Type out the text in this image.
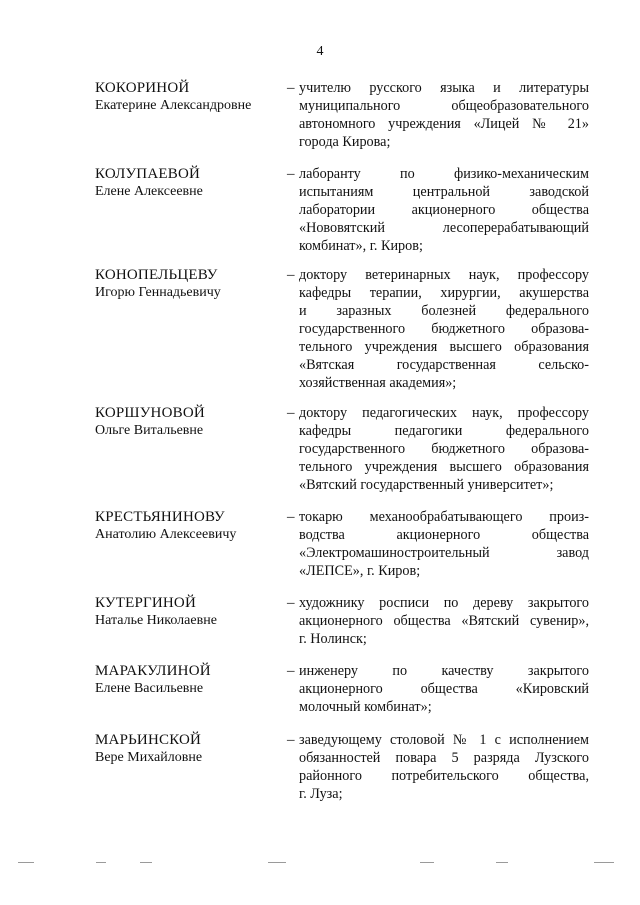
4
КОКОРИНОЙ
Екатерине Александровне
– учителю русского языка и литературы
муниципального общеобразовательного
автономного учреждения «Лицей № 21»
города Кирова;
КОЛУПАЕВОЙ
Елене Алексеевне
– лаборанту по физико-механическим
испытаниям центральной заводской
лаборатории акционерного общества
«Нововятский лесоперерабатывающий
комбинат», г. Киров;
КОНОПЕЛЬЦЕВУ
Игорю Геннадьевичу
– доктору ветеринарных наук, профессору
кафедры терапии, хирургии, акушерства
и заразных болезней федерального
государственного бюджетного образова-
тельного учреждения высшего образования
«Вятская государственная сельско-
хозяйственная академия»;
КОРШУНОВОЙ
Ольге Витальевне
– доктору педагогических наук, профессору
кафедры педагогики федерального
государственного бюджетного образова-
тельного учреждения высшего образования
«Вятский государственный университет»;
КРЕСТЬЯНИНОВУ
Анатолию Алексеевичу
– токарю механообрабатывающего произ-
водства акционерного общества
«Электромашиностроительный завод
«ЛЕПСЕ», г. Киров;
КУТЕРГИНОЙ
Наталье Николаевне
– художнику росписи по дереву закрытого
акционерного общества «Вятский сувенир»,
г. Нолинск;
МАРАКУЛИНОЙ
Елене Васильевне
– инженеру по качеству закрытого
акционерного общества «Кировский
молочный комбинат»;
МАРЬИНСКОЙ
Вере Михайловне
– заведующему столовой № 1 с исполнением
обязанностей повара 5 разряда Лузского
районного потребительского общества,
г. Луза;
